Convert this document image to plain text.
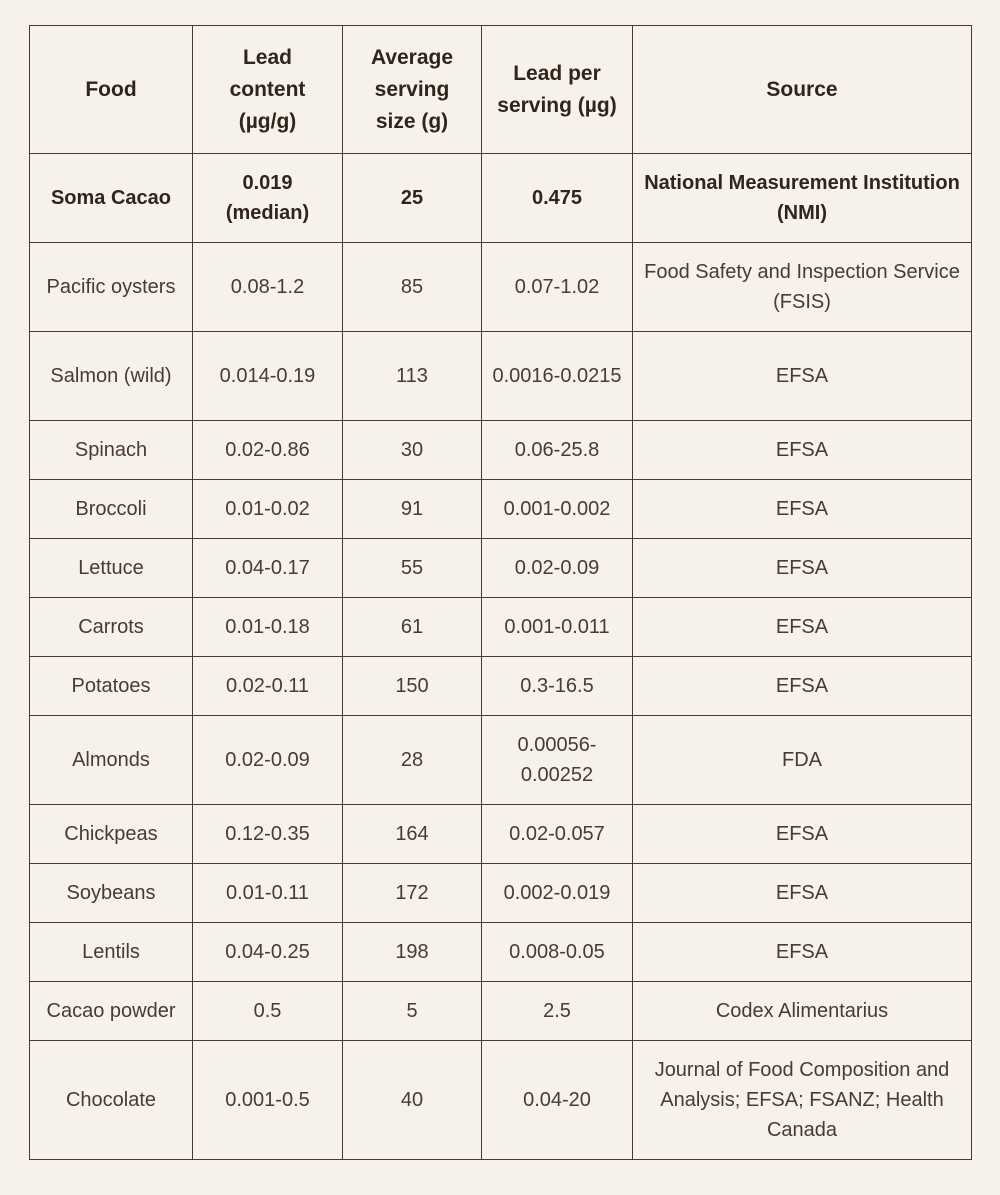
Food	Lead content (µg/g)	Average serving size (g)	Lead per serving (µg)	Source
Soma Cacao	0.019 (median)	25	0.475	National Measurement Institution (NMI)
Pacific oysters	0.08-1.2	85	0.07-1.02	Food Safety and Inspection Service (FSIS)
Salmon (wild)	0.014-0.19	113	0.0016-0.0215	EFSA
Spinach	0.02-0.86	30	0.06-25.8	EFSA
Broccoli	0.01-0.02	91	0.001-0.002	EFSA
Lettuce	0.04-0.17	55	0.02-0.09	EFSA
Carrots	0.01-0.18	61	0.001-0.011	EFSA
Potatoes	0.02-0.11	150	0.3-16.5	EFSA
Almonds	0.02-0.09	28	0.00056-0.00252	FDA
Chickpeas	0.12-0.35	164	0.02-0.057	EFSA
Soybeans	0.01-0.11	172	0.002-0.019	EFSA
Lentils	0.04-0.25	198	0.008-0.05	EFSA
Cacao powder	0.5	5	2.5	Codex Alimentarius
Chocolate	0.001-0.5	40	0.04-20	Journal of Food Composition and Analysis; EFSA; FSANZ; Health Canada
